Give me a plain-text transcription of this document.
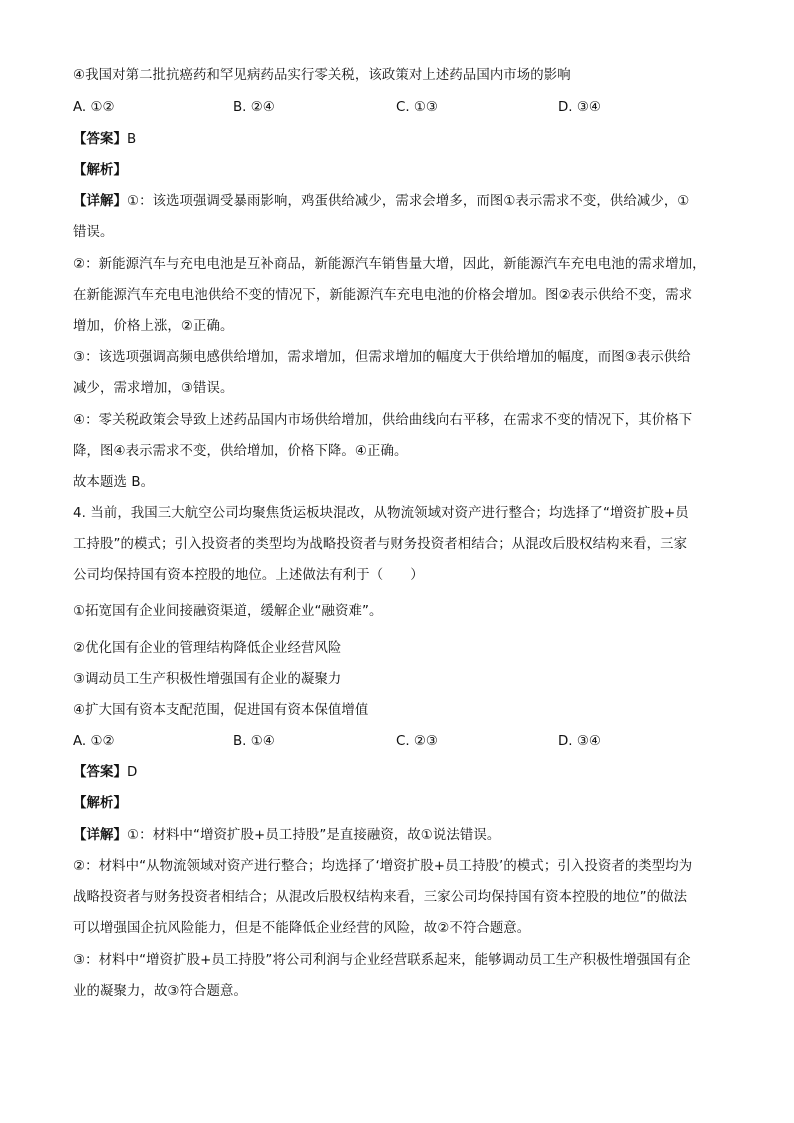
④我国对第二批抗癌药和罕见病药品实行零关税，该政策对上述药品国内市场的影响
A. ①②	B. ②④	C. ①③	D. ③④
【答案】B
【解析】
【详解】①：该选项强调受暴雨影响，鸡蛋供给减少，需求会增多，而图①表示需求不变，供给减少，①
错误。
②：新能源汽车与充电电池是互补商品，新能源汽车销售量大增，因此，新能源汽车充电电池的需求增加，
在新能源汽车充电电池供给不变的情况下，新能源汽车充电电池的价格会增加。图②表示供给不变，需求
增加，价格上涨，②正确。
③：该选项强调高频电感供给增加，需求增加，但需求增加的幅度大于供给增加的幅度，而图③表示供给
减少，需求增加，③错误。
④：零关税政策会导致上述药品国内市场供给增加，供给曲线向右平移，在需求不变的情况下，其价格下
降，图④表示需求不变，供给增加，价格下降。④正确。
故本题选 B。
4. 当前，我国三大航空公司均聚焦货运板块混改，从物流领域对资产进行整合；均选择了“增资扩股+员
工持股”的模式；引入投资者的类型均为战略投资者与财务投资者相结合；从混改后股权结构来看，三家
公司均保持国有资本控股的地位。上述做法有利于（　　）
①拓宽国有企业间接融资渠道，缓解企业“融资难”。
②优化国有企业的管理结构降低企业经营风险
③调动员工生产积极性增强国有企业的凝聚力
④扩大国有资本支配范围，促进国有资本保值增值
A. ①②	B. ①④	C. ②③	D. ③④
【答案】D
【解析】
【详解】①：材料中“增资扩股+员工持股”是直接融资，故①说法错误。
②：材料中“从物流领域对资产进行整合；均选择了‘增资扩股+员工持股’的模式；引入投资者的类型均为
战略投资者与财务投资者相结合；从混改后股权结构来看，三家公司均保持国有资本控股的地位”的做法
可以增强国企抗风险能力，但是不能降低企业经营的风险，故②不符合题意。
③：材料中“增资扩股+员工持股”将公司利润与企业经营联系起来，能够调动员工生产积极性增强国有企
业的凝聚力，故③符合题意。
